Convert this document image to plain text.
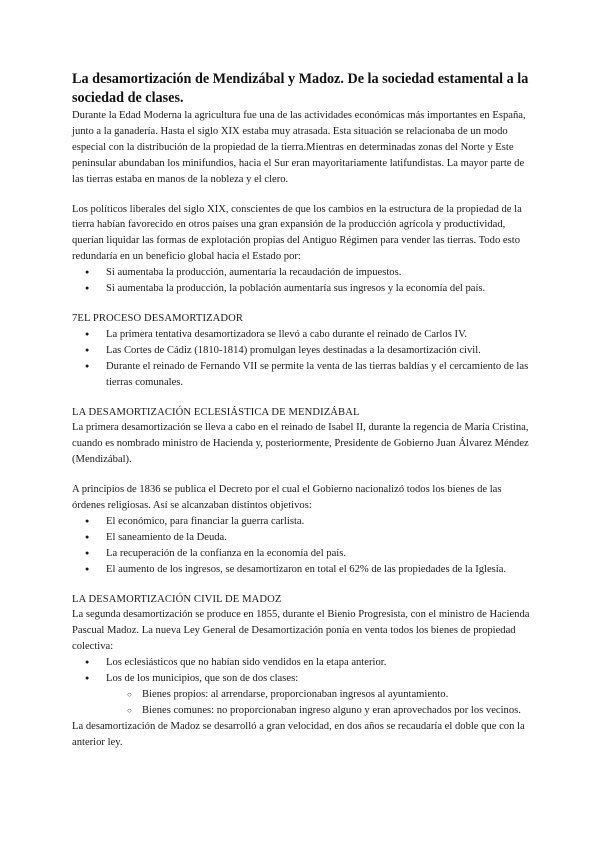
La desamortización de Mendizábal y Madoz. De la sociedad estamental a la sociedad de clases.

Durante la Edad Moderna la agricultura fue una de las actividades económicas más importantes en España, junto a la ganadería. Hasta el siglo XIX estaba muy atrasada. Esta situación se relacionaba de un modo especial con la distribución de la propiedad de la tierra.Mientras en determinadas zonas del Norte y Este peninsular abundaban los minifundios, hacia el Sur eran mayoritariamente latifundistas. La mayor parte de las tierras estaba en manos de la nobleza y el clero.

Los políticos liberales del siglo XIX, conscientes de que los cambios en la estructura de la propiedad de la tierra habían favorecido en otros países una gran expansión de la producción agrícola y productividad, querían liquidar las formas de explotación propias del Antiguo Régimen para vender las tierras. Todo esto redundaría en un beneficio global hacia el Estado por:

● Si aumentaba la producción, aumentaría la recaudación de impuestos.
● Si aumentaba la producción, la población aumentaría sus ingresos y la economía del país.

7EL PROCESO DESAMORTIZADOR

● La primera tentativa desamortizadora se llevó a cabo durante el reinado de Carlos IV.
● Las Cortes de Cádiz (1810-1814) promulgan leyes destinadas a la desamortización civil.
● Durante el reinado de Fernando VII se permite la venta de las tierras baldías y el cercamiento de las tierras comunales.

LA DESAMORTIZACIÓN ECLESIÁSTICA DE MENDIZÁBAL

La primera desamortización se lleva a cabo en el reinado de Isabel II, durante la regencia de María Cristina, cuando es nombrado ministro de Hacienda y, posteriormente, Presidente de Gobierno Juan Álvarez Méndez (Mendizábal).

A principios de 1836 se publica el Decreto por el cual el Gobierno nacionalizó todos los bienes de las órdenes religiosas. Así se alcanzaban distintos objetivos:

● El económico, para financiar la guerra carlista.
● El saneamiento de la Deuda.
● La recuperación de la confianza en la economía del país.
● El aumento de los ingresos, se desamortizaron en total el 62% de las propiedades de la Iglesia.

LA DESAMORTIZACIÓN CIVIL DE MADOZ

La segunda desamortización se produce en 1855, durante el Bienio Progresista, con el ministro de Hacienda Pascual Madoz. La nueva Ley General de Desamortización ponía en venta todos los bienes de propiedad colectiva:

● Los eclesiásticos que no habían sido vendidos en la etapa anterior.
● Los de los municipios, que son de dos clases:
○ Bienes propios: al arrendarse, proporcionaban ingresos al ayuntamiento.
○ Bienes comunes: no proporcionaban ingreso alguno y eran aprovechados por los vecinos.

La desamortización de Madoz se desarrolló a gran velocidad, en dos años se recaudaría el doble que con la anterior ley.
